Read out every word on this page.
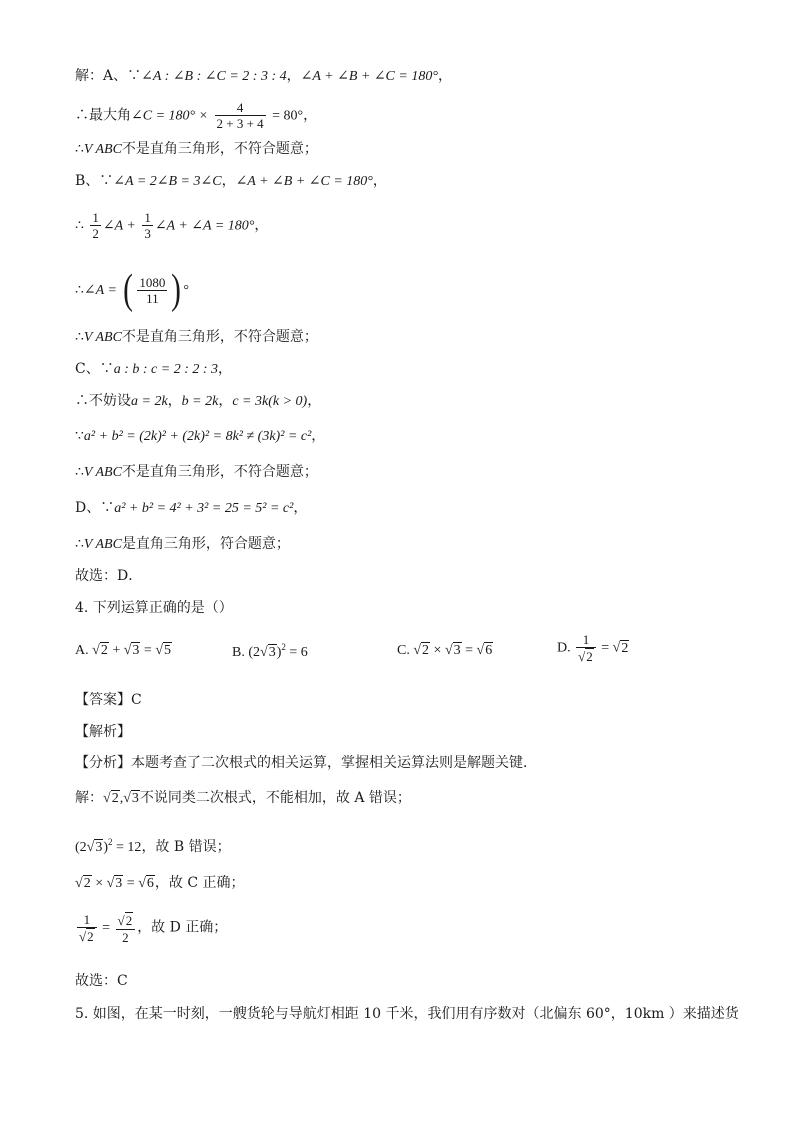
解：A、∵∠A : ∠B : ∠C = 2 : 3 : 4，∠A + ∠B + ∠C = 180°，
∴最大角∠C = $180^\circ \times \frac{4}{2 + 3 + 4} = 80^\circ$，
∴V ABC不是直角三角形，不符合题意；
B、∵∠A = 2∠B = 3∠C，∠A + ∠B + ∠C = 180°，
∴ $\frac{1}{2}$ ∠A + $\frac{1}{3}$ ∠A + ∠A = 180°，
∴∠A = ( $\frac{1080}{11}$ ) °
∴V ABC不是直角三角形，不符合题意；
C、∵a : b : c = 2 : 2 : 3，
∴不妨设a = 2k，b = 2k，c = 3k(k > 0)，
∵a² + b² = (2k)² + (2k)² = 8k² ≠ (3k)² = c²，
∴V ABC不是直角三角形，不符合题意；
D、∵a² + b² = 4² + 3² = 25 = 5² = c²，
∴V ABC是直角三角形，符合题意；
故选：D．
4. 下列运算正确的是（）
A. √2 + √3 = √5	B. $(2√3)^2 = 6$	C. √2 × √3 = √6	D. $\frac{1}{√2} = √2$
【答案】C
【解析】
【分析】本题考查了二次根式的相关运算，掌握相关运算法则是解题关键．
解：√2,√3不说同类二次根式，不能相加，故 A 错误；
$(2√3)^2 = 12$，故 B 错误；
√2 × √3 = √6，故 C 正确；
$\frac{1}{√2} = \frac{√2}{2}$ ，故 D 正确；
故选：C
5. 如图，在某一时刻，一艘货轮与导航灯相距 10 千米，我们用有序数对（北偏东 60°，10km ）来描述货
